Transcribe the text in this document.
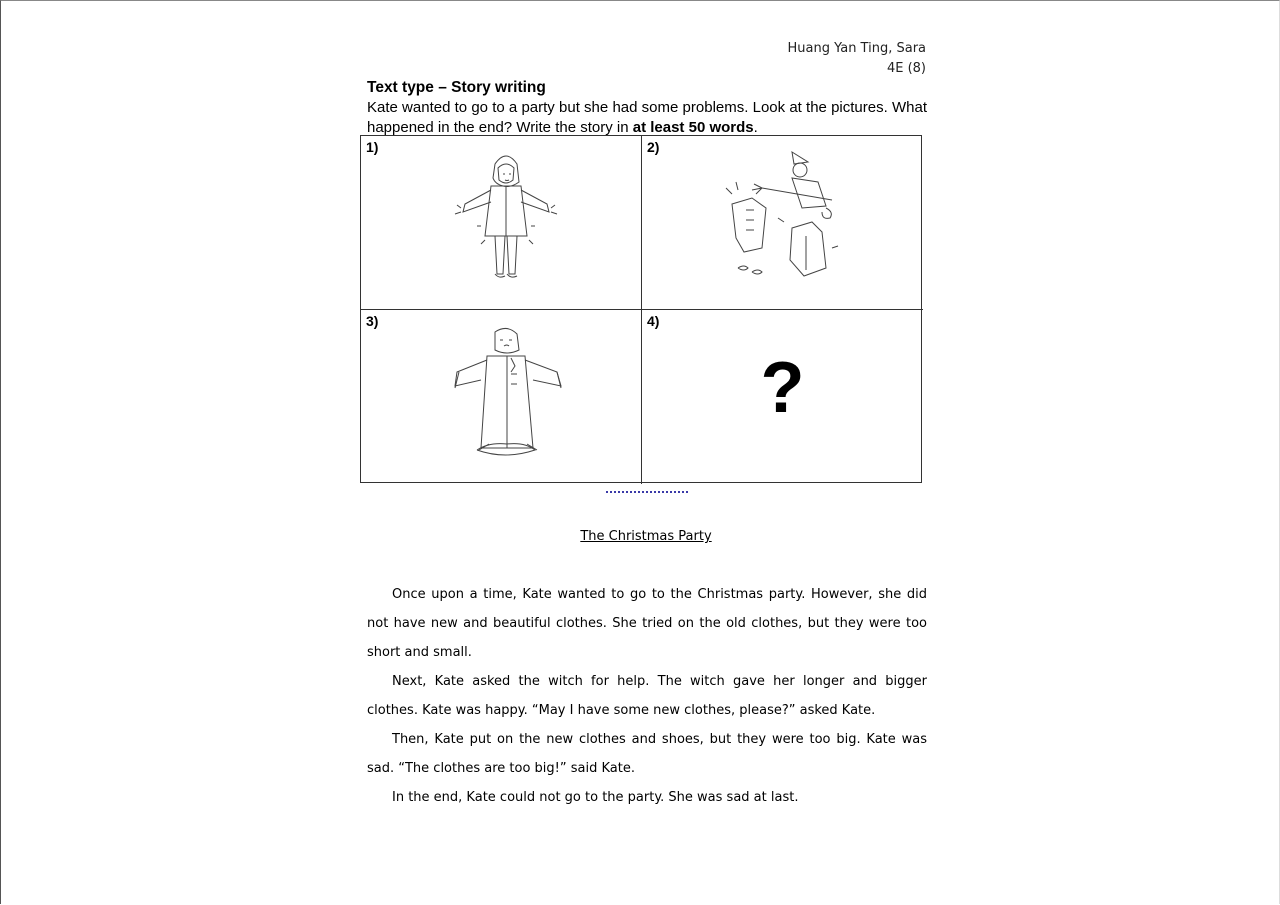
Huang Yan Ting, Sara
4E (8)
Text type – Story writing
Kate wanted to go to a party but she had some problems. Look at the pictures. What happened in the end? Write the story in at least 50 words.
1)	2)
3)	4)
?
The Christmas Party

Once upon a time, Kate wanted to go to the Christmas party. However, she did not have new and beautiful clothes. She tried on the old clothes, but they were too short and small.

Next, Kate asked the witch for help. The witch gave her longer and bigger clothes. Kate was happy. “May I have some new clothes, please?” asked Kate.

Then, Kate put on the new clothes and shoes, but they were too big. Kate was sad. “The clothes are too big!” said Kate.

In the end, Kate could not go to the party. She was sad at last.
